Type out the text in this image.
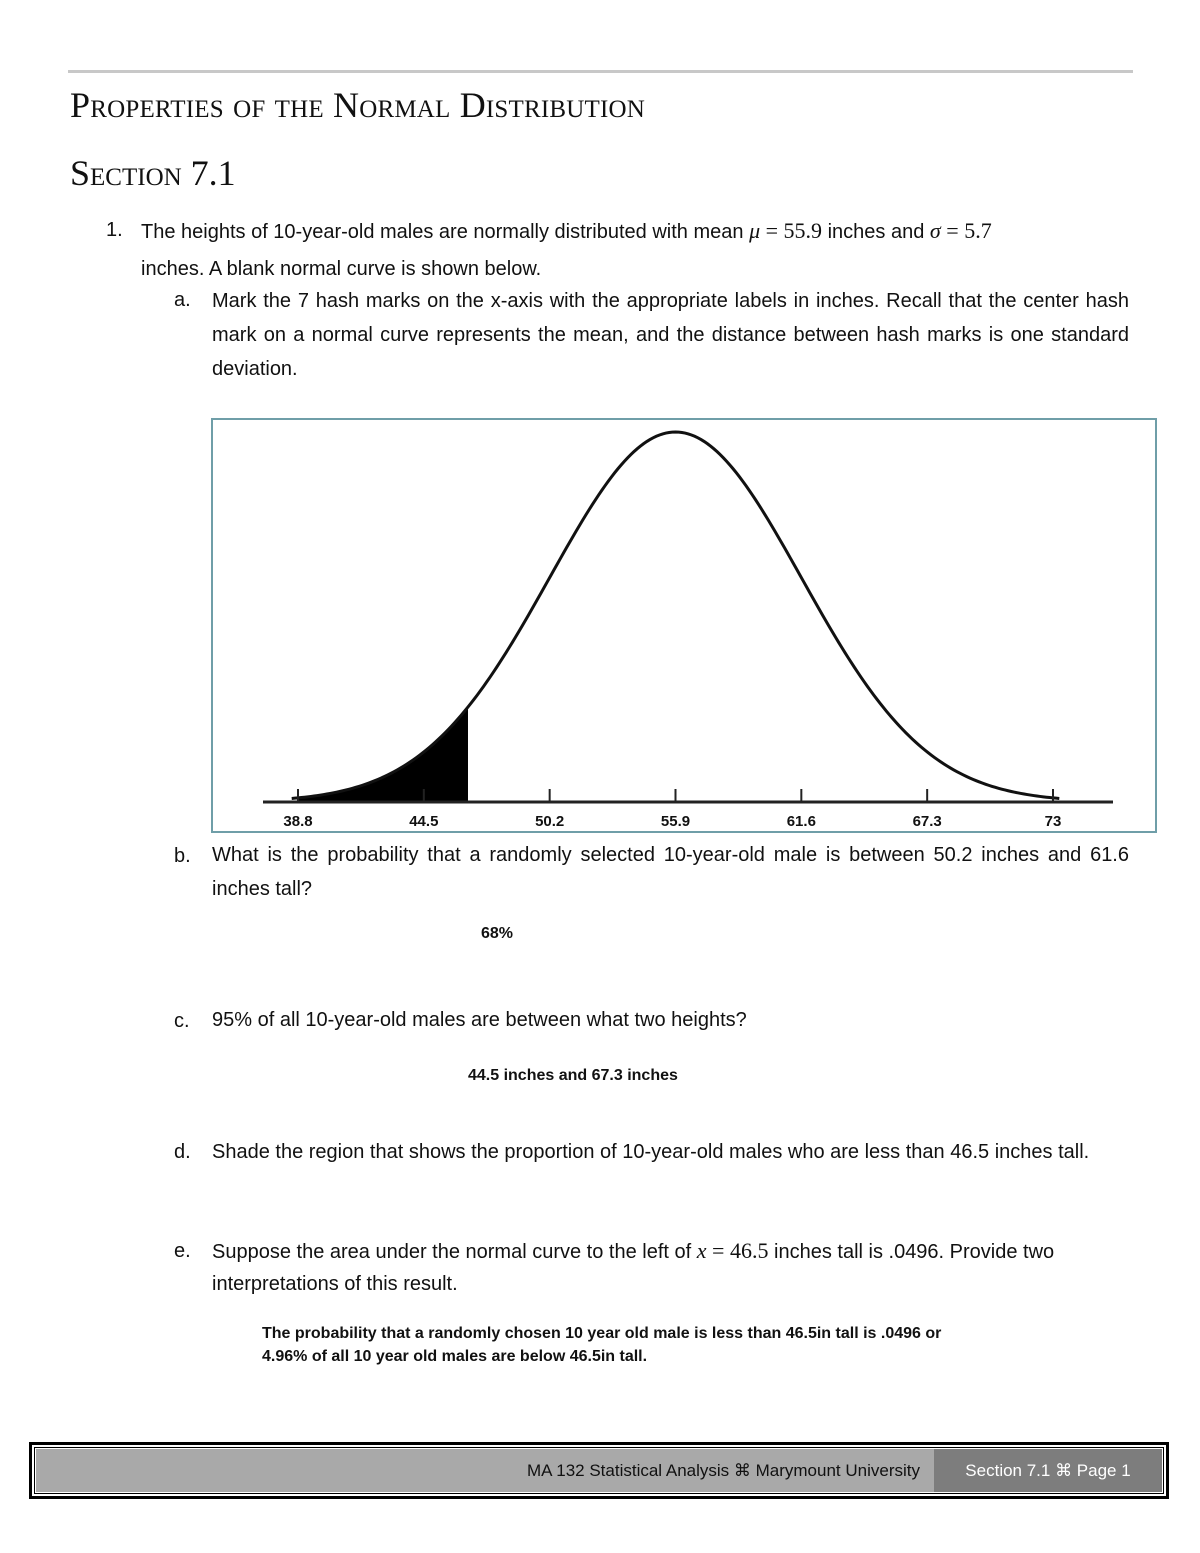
Properties of the Normal Distribution
Section 7.1
1. The heights of 10-year-old males are normally distributed with mean μ = 55.9 inches and σ = 5.7
inches. A blank normal curve is shown below.
a. Mark the 7 hash marks on the x-axis with the appropriate labels in inches. Recall that the center hash mark on a normal curve represents the mean, and the distance between hash marks is one standard deviation.
38.8	44.5	50.2	55.9	61.6	67.3	73
b. What is the probability that a randomly selected 10-year-old male is between 50.2 inches and 61.6 inches tall?
68%
c. 95% of all 10-year-old males are between what two heights?
44.5 inches and 67.3 inches
d. Shade the region that shows the proportion of 10-year-old males who are less than 46.5 inches tall.
e. Suppose the area under the normal curve to the left of x = 46.5 inches tall is .0496. Provide two
interpretations of this result.
The probability that a randomly chosen 10 year old male is less than 46.5in tall is .0496 or
4.96% of all 10 year old males are below 46.5in tall.
MA 132 Statistical Analysis ⌘ Marymount University	Section 7.1 ⌘ Page 1
